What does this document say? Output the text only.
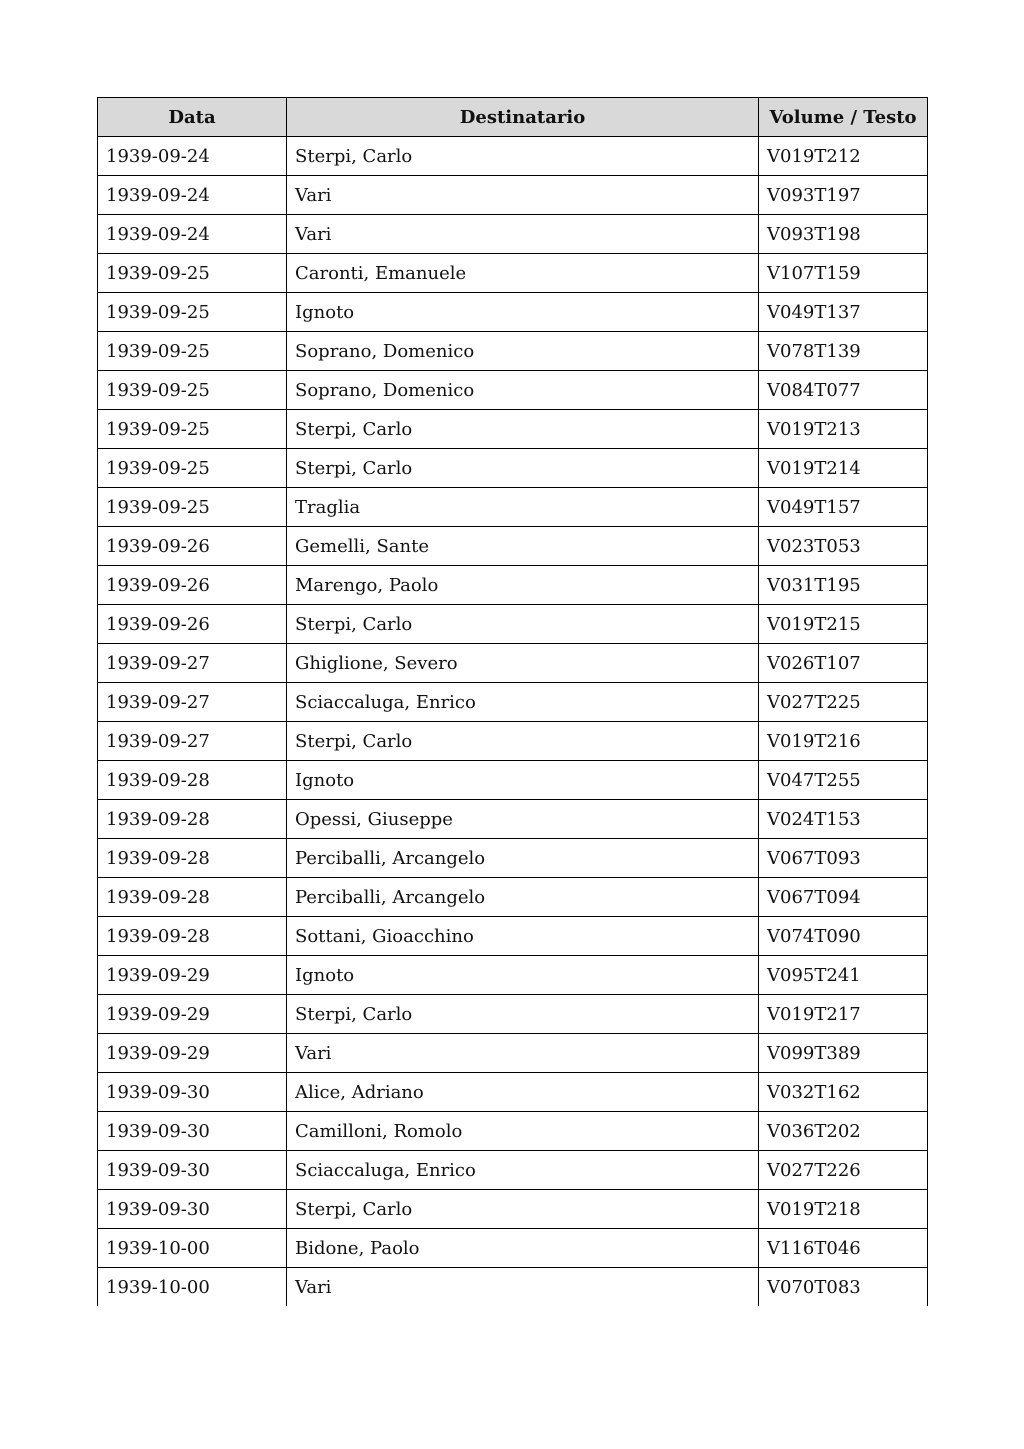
Data	Destinatario	Volume / Testo
1939-09-24	Sterpi, Carlo	V019T212
1939-09-24	Vari	V093T197
1939-09-24	Vari	V093T198
1939-09-25	Caronti, Emanuele	V107T159
1939-09-25	Ignoto	V049T137
1939-09-25	Soprano, Domenico	V078T139
1939-09-25	Soprano, Domenico	V084T077
1939-09-25	Sterpi, Carlo	V019T213
1939-09-25	Sterpi, Carlo	V019T214
1939-09-25	Traglia	V049T157
1939-09-26	Gemelli, Sante	V023T053
1939-09-26	Marengo, Paolo	V031T195
1939-09-26	Sterpi, Carlo	V019T215
1939-09-27	Ghiglione, Severo	V026T107
1939-09-27	Sciaccaluga, Enrico	V027T225
1939-09-27	Sterpi, Carlo	V019T216
1939-09-28	Ignoto	V047T255
1939-09-28	Opessi, Giuseppe	V024T153
1939-09-28	Perciballi, Arcangelo	V067T093
1939-09-28	Perciballi, Arcangelo	V067T094
1939-09-28	Sottani, Gioacchino	V074T090
1939-09-29	Ignoto	V095T241
1939-09-29	Sterpi, Carlo	V019T217
1939-09-29	Vari	V099T389
1939-09-30	Alice, Adriano	V032T162
1939-09-30	Camilloni, Romolo	V036T202
1939-09-30	Sciaccaluga, Enrico	V027T226
1939-09-30	Sterpi, Carlo	V019T218
1939-10-00	Bidone, Paolo	V116T046
1939-10-00	Vari	V070T083
